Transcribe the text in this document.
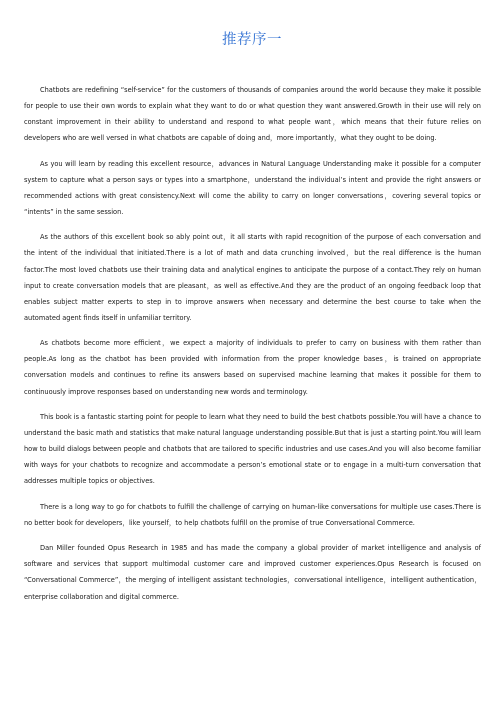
推荐序一

Chatbots are redefining “self-service” for the customers of thousands of companies around the world because they make it possible for people to use their own words to explain what they want to do or what question they want answered.Growth in their use will rely on constant improvement in their ability to understand and respond to what people want，which means that their future relies on developers who are well versed in what chatbots are capable of doing and，more importantly，what they ought to be doing.

As you will learn by reading this excellent resource，advances in Natural Language Understanding make it possible for a computer system to capture what a person says or types into a smartphone，understand the individual’s intent and provide the right answers or recommended actions with great consistency.Next will come the ability to carry on longer conversations，covering several topics or “intents” in the same session.

As the authors of this excellent book so ably point out，it all starts with rapid recognition of the purpose of each conversation and the intent of the individual that initiated.There is a lot of math and data crunching involved，but the real difference is the human factor.The most loved chatbots use their training data and analytical engines to anticipate the purpose of a contact.They rely on human input to create conversation models that are pleasant，as well as effective.And they are the product of an ongoing feedback loop that enables subject matter experts to step in to improve answers when necessary and determine the best course to take when the automated agent finds itself in unfamiliar territory.

As chatbots become more efficient，we expect a majority of individuals to prefer to carry on business with them rather than people.As long as the chatbot has been provided with information from the proper knowledge bases，is trained on appropriate conversation models and continues to refine its answers based on supervised machine learning that makes it possible for them to continuously improve responses based on understanding new words and terminology.

This book is a fantastic starting point for people to learn what they need to build the best chatbots possible.You will have a chance to understand the basic math and statistics that make natural language understanding possible.But that is just a starting point.You will learn how to build dialogs between people and chatbots that are tailored to specific industries and use cases.And you will also become familiar with ways for your chatbots to recognize and accommodate a person’s emotional state or to engage in a multi-turn conversation that addresses multiple topics or objectives.

There is a long way to go for chatbots to fulfill the challenge of carrying on human-like conversations for multiple use cases.There is no better book for developers，like yourself，to help chatbots fulfill on the promise of true Conversational Commerce.

Dan Miller founded Opus Research in 1985 and has made the company a global provider of market intelligence and analysis of software and services that support multimodal customer care and improved customer experiences.Opus Research is focused on “Conversational Commerce”，the merging of intelligent assistant technologies，conversational intelligence，intelligent authentication，enterprise collaboration and digital commerce.
